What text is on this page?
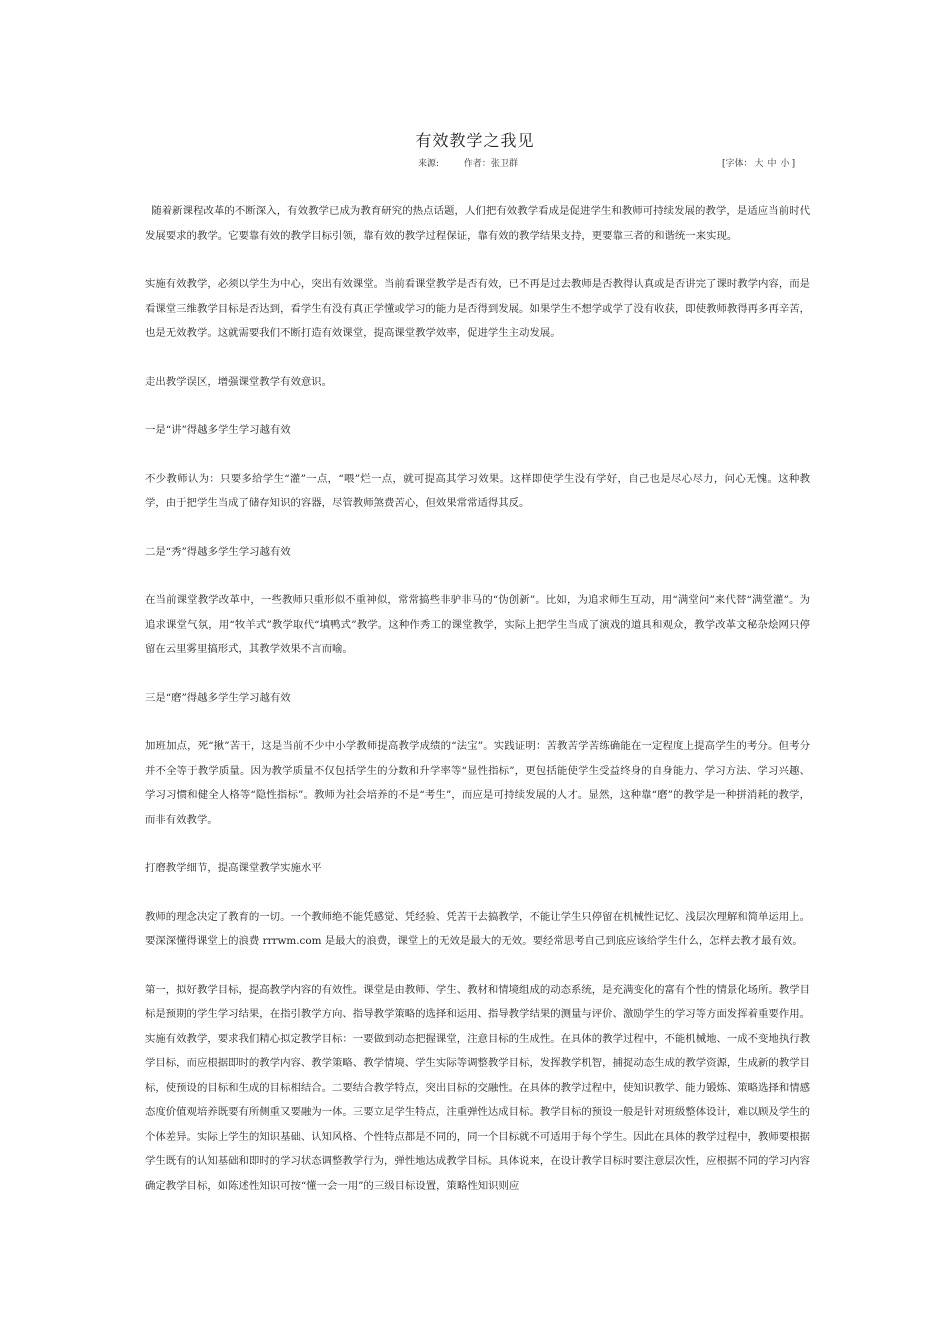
有效教学之我见
来源:	作者：张卫群	[字体： 大 中 小 ]

随着新课程改革的不断深入，有效教学已成为教育研究的热点话题，人们把有效教学看成是促进学生和教师可持续发展的教学，是适应当前时代发展要求的教学。它要靠有效的教学目标引领，靠有效的教学过程保证，靠有效的教学结果支持，更要靠三者的和谐统一来实现。

实施有效教学，必须以学生为中心，突出有效课堂。当前看课堂教学是否有效，已不再是过去教师是否教得认真或是否讲完了课时教学内容，而是看课堂三维教学目标是否达到，看学生有没有真正学懂或学习的能力是否得到发展。如果学生不想学或学了没有收获，即使教师教得再多再辛苦，也是无效教学。这就需要我们不断打造有效课堂，提高课堂教学效率，促进学生主动发展。

走出教学误区，增强课堂教学有效意识。

一是“讲”得越多学生学习越有效

不少教师认为：只要多给学生“灌”一点，“喂”烂一点，就可提高其学习效果。这样即使学生没有学好，自己也是尽心尽力，问心无愧。这种教学，由于把学生当成了储存知识的容器，尽管教师煞费苦心，但效果常常适得其反。

二是“秀”得越多学生学习越有效

在当前课堂教学改革中，一些教师只重形似不重神似，常常搞些非驴非马的“伪创新”。比如，为追求师生互动，用“满堂问”来代替“满堂灌”。为追求课堂气氛，用“牧羊式”教学取代“填鸭式”教学。这种作秀工的课堂教学，实际上把学生当成了演戏的道具和观众，教学改革文秘杂烩网只停留在云里雾里搞形式，其教学效果不言而喻。

三是“磨”得越多学生学习越有效

加班加点，死“揪”苦干，这是当前不少中小学教师提高教学成绩的“法宝”。实践证明：苦教苦学苦练确能在一定程度上提高学生的考分。但考分并不全等于教学质量。因为教学质量不仅包括学生的分数和升学率等“显性指标”，更包括能使学生受益终身的自身能力、学习方法、学习兴趣、学习习惯和健全人格等“隐性指标”。教师为社会培养的不是“考生”，而应是可持续发展的人才。显然，这种靠“磨”的教学是一种拼消耗的教学，而非有效教学。

打磨教学细节，提高课堂教学实施水平

教师的理念决定了教育的一切。一个教师绝不能凭感觉、凭经验、凭苦干去搞教学，不能让学生只停留在机械性记忆、浅层次理解和简单运用上。要深深懂得课堂上的浪费 rrrwm.com 是最大的浪费，课堂上的无效是最大的无效。要经常思考自己到底应该给学生什么，怎样去教才最有效。

第一，拟好教学目标，提高教学内容的有效性。课堂是由教师、学生、教材和情境组成的动态系统，是充满变化的富有个性的情景化场所。教学目标是预期的学生学习结果，在指引教学方向、指导教学策略的选择和运用、指导教学结果的测量与评价、激励学生的学习等方面发挥着重要作用。实施有效教学，要求我们精心拟定教学目标：一要做到动态把握课堂，注意目标的生成性。在具体的教学过程中，不能机械地、一成不变地执行教学目标，而应根据即时的教学内容、教学策略、教学情境、学生实际等调整教学目标，发挥教学机智，捕捉动态生成的教学资源，生成新的教学目标，使预设的目标和生成的目标相结合。二要结合教学特点，突出目标的交融性。在具体的教学过程中，使知识教学、能力锻炼、策略选择和情感态度价值观培养既要有所侧重又要融为一体。三要立足学生特点，注重弹性达成目标。教学目标的预设一般是针对班级整体设计，难以顾及学生的个体差异。实际上学生的知识基础、认知风格、个性特点都是不同的，同一个目标就不可适用于每个学生。因此在具体的教学过程中，教师要根据学生既有的认知基础和即时的学习状态调整教学行为，弹性地达成教学目标。具体说来，在设计教学目标时要注意层次性，应根据不同的学习内容确定教学目标，如陈述性知识可按“懂一会一用”的三级目标设置，策略性知识则应
